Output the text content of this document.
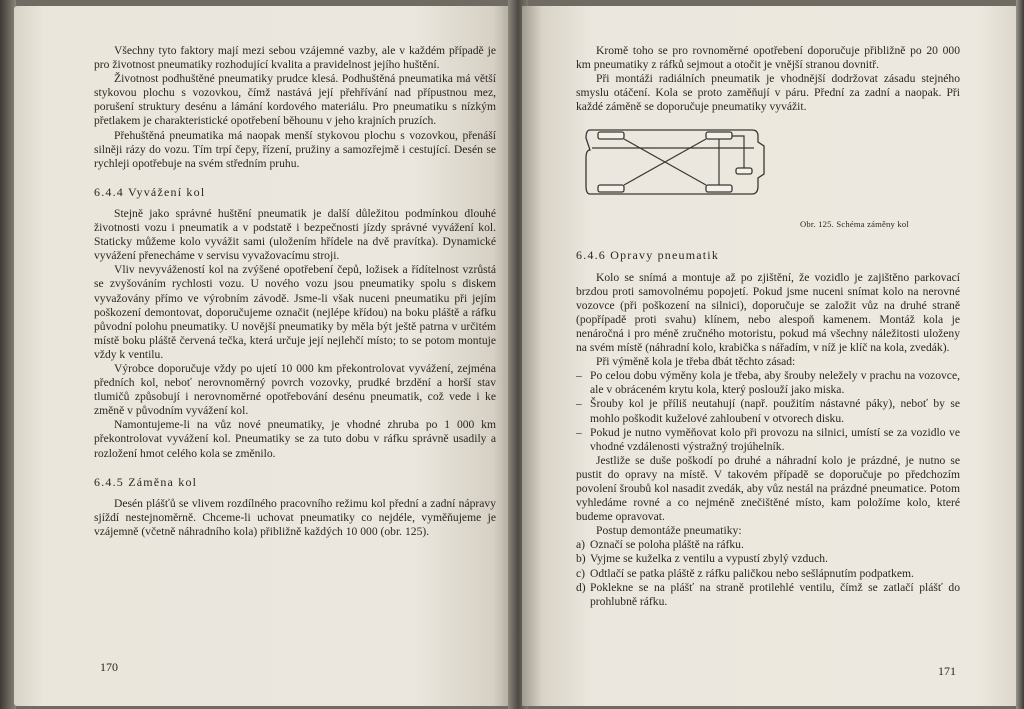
Všechny tyto faktory mají mezi sebou vzájemné vazby, ale v každém případě je pro životnost pneumatiky rozhodující kvalita a pravidelnost jejího huštění.

Životnost podhuštěné pneumatiky prudce klesá. Podhuštěná pneumatika má větší stykovou plochu s vozovkou, čímž nastává její přehřívání nad přípustnou mez, porušení struktury desénu a lámání kordového materiálu. Pro pneumatiku s nízkým přetlakem je charakteristické opotřebení běhounu v jeho krajních pruzích.

Přehuštěná pneumatika má naopak menší stykovou plochu s vozovkou, přenáší silněji rázy do vozu. Tím trpí čepy, řízení, pružiny a samozřejmě i cestující. Desén se rychleji opotřebuje na svém středním pruhu.

6.4.4 Vyvážení kol

Stejně jako správné huštění pneumatik je další důležitou podmínkou dlouhé životnosti vozu i pneumatik a v podstatě i bezpečnosti jízdy správné vyvážení kol. Staticky můžeme kolo vyvážit sami (uložením hřídele na dvě pravítka). Dynamické vyvážení přenecháme v servisu vyvažovacímu stroji.

Vliv nevyvážeností kol na zvýšené opotřebení čepů, ložisek a řídítelnost vzrůstá se zvyšováním rychlosti vozu. U nového vozu jsou pneumatiky spolu s diskem vyvažovány přímo ve výrobním závodě. Jsme-li však nuceni pneumatiku při jejím poškození demontovat, doporučujeme označit (nejlépe křídou) na boku pláště a ráfku původní polohu pneumatiky. U novější pneumatiky by měla být ještě patrna v určitém místě boku pláště červená tečka, která určuje její nejlehčí místo; to se potom montuje vždy k ventilu.

Výrobce doporučuje vždy po ujetí 10 000 km překontrolovat vyvážení, zejména předních kol, neboť nerovnoměrný povrch vozovky, prudké brzdění a horší stav tlumičů způsobují i nerovnoměrné opotřebování desénu pneumatik, což vede i ke změně v původním vyvážení kol.

Namontujeme-li na vůz nové pneumatiky, je vhodné zhruba po 1 000 km překontrolovat vyvážení kol. Pneumatiky se za tuto dobu v ráfku správně usadily a rozložení hmot celého kola se změnilo.

6.4.5 Záměna kol

Desén plášťů se vlivem rozdílného pracovního režimu kol přední a zadní nápravy sjíždí nestejnoměrně. Chceme-li uchovat pneumatiky co nejdéle, vyměňujeme je vzájemně (včetně náhradního kola) přibližně každých 10 000 (obr. 125).

170

Kromě toho se pro rovnoměrné opotřebení doporučuje přibližně po 20 000 km pneumatiky z ráfků sejmout a otočit je vnější stranou dovnitř.

Při montáži radiálních pneumatik je vhodnější dodržovat zásadu stejného smyslu otáčení. Kola se proto zaměňují v páru. Přední za zadní a naopak. Při každé záměně se doporučuje pneumatiky vyvážit.

Obr. 125. Schéma záměny kol
6.4.6 Opravy pneumatik

Kolo se snímá a montuje až po zjištění, že vozidlo je zajištěno parkovací brzdou proti samovolnému popojetí. Pokud jsme nuceni snímat kolo na nerovné vozovce (při poškození na silnici), doporučuje se založit vůz na druhé straně (popřípadě proti svahu) klínem, nebo alespoň kamenem. Montáž kola je nenáročná i pro méně zručného motoristu, pokud má všechny náležitosti uloženy na svém místě (náhradní kolo, krabička s nářadím, v níž je klíč na kola, zvedák).

Při výměně kola je třeba dbát těchto zásad:

– Po celou dobu výměny kola je třeba, aby šrouby neležely v prachu na vozovce, ale v obráceném krytu kola, který poslouží jako miska.
– Šrouby kol je příliš neutahují (např. použitím nástavné páky), neboť by se mohlo poškodit kuželové zahloubení v otvorech disku.
– Pokud je nutno vyměňovat kolo při provozu na silnici, umístí se za vozidlo ve vhodné vzdálenosti výstražný trojúhelník.

Jestliže se duše poškodí po druhé a náhradní kolo je prázdné, je nutno se pustit do opravy na místě. V takovém případě se doporučuje po předchozím povolení šroubů kol nasadit zvedák, aby vůz nestál na prázdné pneumatice. Potom vyhledáme rovné a co nejméně znečištěné místo, kam položíme kolo, které budeme opravovat.

Postup demontáže pneumatiky:

a) Označí se poloha pláště na ráfku.
b) Vyjme se kuželka z ventilu a vypustí zbylý vzduch.
c) Odtlačí se patka pláště z ráfku paličkou nebo sešlápnutím podpatkem.
d) Poklekne se na plášť na straně protilehlé ventilu, čímž se zatlačí plášť do prohlubně ráfku.
171
